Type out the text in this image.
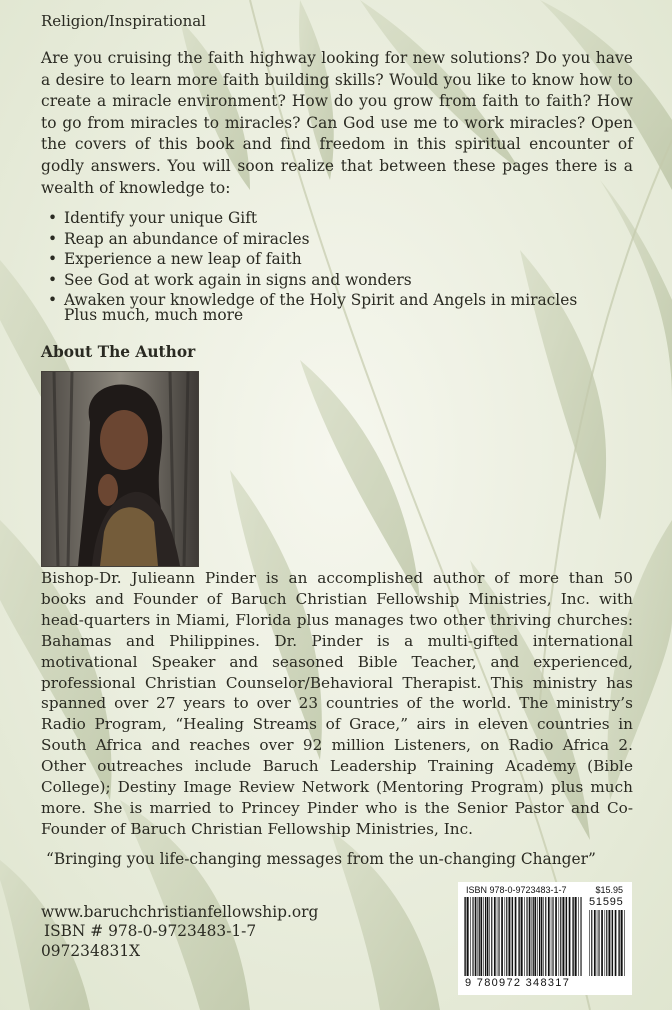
Religion/Inspirational

Are you cruising the faith highway looking for new solutions? Do you have a desire to learn more faith building skills? Would you like to know how to create a miracle environment? How do you grow from faith to faith? How to go from miracles to miracles? Can God use me to work miracles? Open the covers of this book and find freedom in this spiritual encounter of godly answers. You will soon realize that between these pages there is a wealth of knowledge to:

• Identify your unique Gift
• Reap an abundance of miracles
• Experience a new leap of faith
• See God at work again in signs and wonders
• Awaken your knowledge of the Holy Spirit and Angels in miracles
Plus much, much more
About The Author

Bishop-Dr. Julieann Pinder is an accomplished author of more than 50 books and Founder of Baruch Christian Fellowship Ministries, Inc. with head-quarters in Miami, Florida plus manages two other thriving churches: Bahamas and Philippines. Dr. Pinder is a multi-gifted international motivational Speaker and seasoned Bible Teacher, and experienced, professional Christian Counselor/Behavioral Therapist. This ministry has spanned over 27 years to over 23 countries of the world. The ministry’s Radio Program, “Healing Streams of Grace,” airs in eleven countries in South Africa and reaches over 92 million Listeners, on Radio Africa 2. Other outreaches include Baruch Leadership Training Academy (Bible College); Destiny Image Review Network (Mentoring Program) plus much more. She is married to Princey Pinder who is the Senior Pastor and Co-Founder of Baruch Christian Fellowship Ministries, Inc.

“Bringing you life-changing messages from the un-changing Changer”
www.baruchchristianfellowship.org
ISBN # 978-0-9723483-1-7
097234831X
ISBN 978-0-9723483-1-7	$15.95
51595
9 780972 348317
